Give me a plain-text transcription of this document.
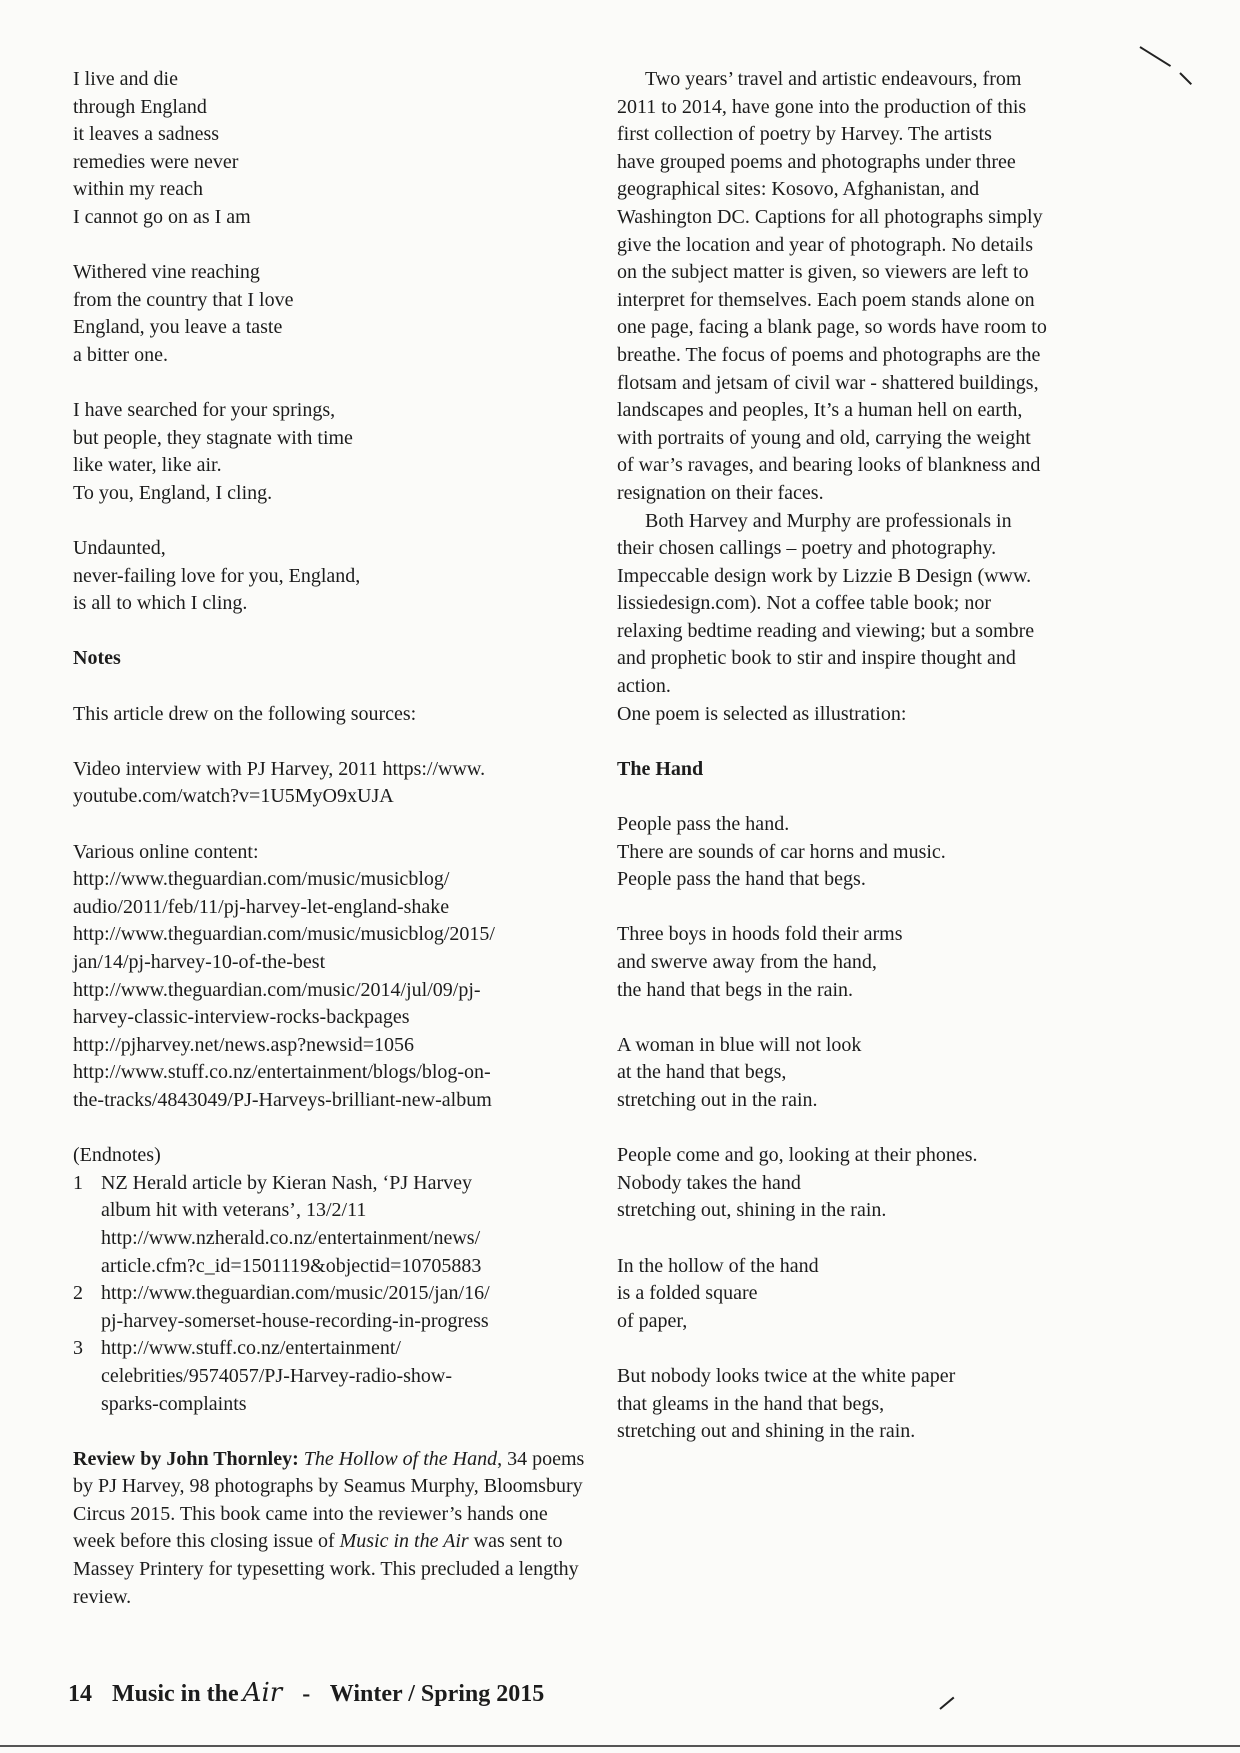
I live and die
through England
it leaves a sadness
remedies were never
within my reach
I cannot go on as I am
Withered vine reaching
from the country that I love
England, you leave a taste
a bitter one.
I have searched for your springs,
but people, they stagnate with time
like water, like air.
To you, England, I cling.
Undaunted,
never-failing love for you, England,
is all to which I cling.

Notes

This article drew on the following sources:

Video interview with PJ Harvey, 2011 https://www.
youtube.com/watch?v=1U5MyO9xUJA
Various online content:
http://www.theguardian.com/music/musicblog/
audio/2011/feb/11/pj-harvey-let-england-shake
http://www.theguardian.com/music/musicblog/2015/
jan/14/pj-harvey-10-of-the-best
http://www.theguardian.com/music/2014/jul/09/pj-
harvey-classic-interview-rocks-backpages
http://pjharvey.net/news.asp?newsid=1056
http://www.stuff.co.nz/entertainment/blogs/blog-on-
the-tracks/4843049/PJ-Harveys-brilliant-new-album

(Endnotes)

1 NZ Herald article by Kieran Nash, ‘PJ Harvey
album hit with veterans’, 13/2/11
http://www.nzherald.co.nz/entertainment/news/
article.cfm?c_id=1501119&objectid=10705883
2 http://www.theguardian.com/music/2015/jan/16/
pj-harvey-somerset-house-recording-in-progress
3 http://www.stuff.co.nz/entertainment/
celebrities/9574057/PJ-Harvey-radio-show-
sparks-complaints

Review by John Thornley: The Hollow of the Hand, 34 poems by PJ Harvey, 98 photographs by Seamus Murphy, Bloomsbury Circus 2015. This book came into the reviewer’s hands one week before this closing issue of Music in the Air was sent to Massey Printery for typesetting work. This precluded a lengthy review.

Two years’ travel and artistic endeavours, from
2011 to 2014, have gone into the production of this
first collection of poetry by Harvey. The artists
have grouped poems and photographs under three
geographical sites: Kosovo, Afghanistan, and
Washington DC. Captions for all photographs simply
give the location and year of photograph. No details
on the subject matter is given, so viewers are left to
interpret for themselves. Each poem stands alone on
one page, facing a blank page, so words have room to
breathe. The focus of poems and photographs are the
flotsam and jetsam of civil war - shattered buildings,
landscapes and peoples, It’s a human hell on earth,
with portraits of young and old, carrying the weight
of war’s ravages, and bearing looks of blankness and
resignation on their faces.
Both Harvey and Murphy are professionals in
their chosen callings – poetry and photography.
Impeccable design work by Lizzie B Design (www.
lissiedesign.com). Not a coffee table book; nor
relaxing bedtime reading and viewing; but a sombre
and prophetic book to stir and inspire thought and
action.

One poem is selected as illustration:

The Hand

People pass the hand.
There are sounds of car horns and music.
People pass the hand that begs.
Three boys in hoods fold their arms
and swerve away from the hand,
the hand that begs in the rain.
A woman in blue will not look
at the hand that begs,
stretching out in the rain.
People come and go, looking at their phones.
Nobody takes the hand
stretching out, shining in the rain.
In the hollow of the hand
is a folded square
of paper,
But nobody looks twice at the white paper
that gleams in the hand that begs,
stretching out and shining in the rain.
14 Music in the Air - Winter / Spring 2015
